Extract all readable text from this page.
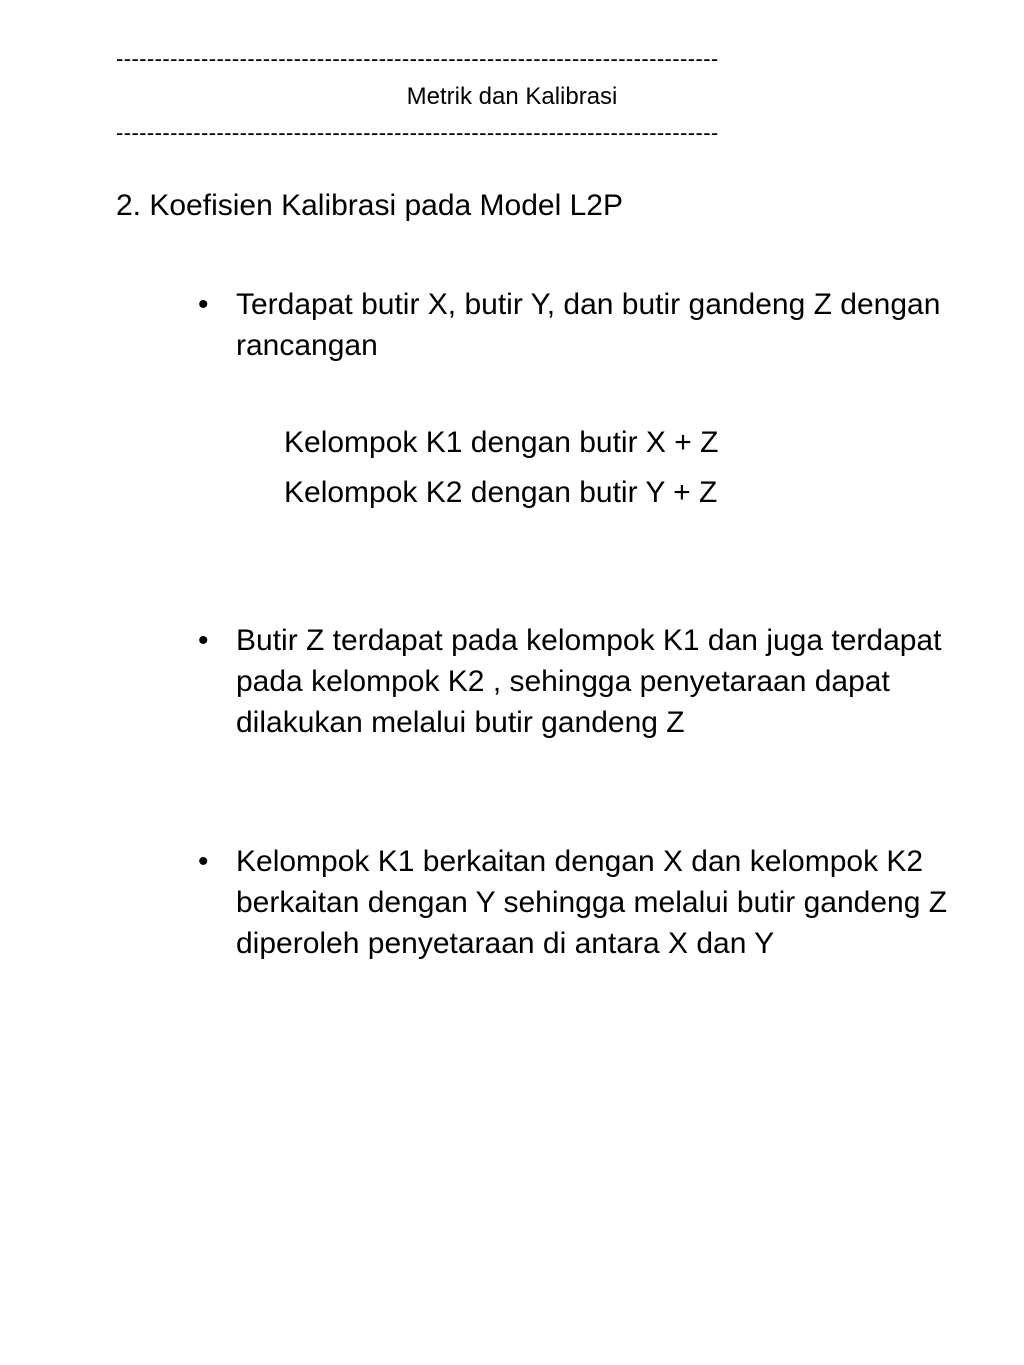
------------------------------------------------------------------------------
Metrik dan Kalibrasi
------------------------------------------------------------------------------
2. Koefisien Kalibrasi pada Model L2P
• Terdapat butir X, butir Y, dan butir gandeng Z dengan rancangan
Kelompok K1 dengan butir X + Z
Kelompok K2 dengan butir Y + Z
• Butir Z terdapat pada kelompok K1 dan juga terdapat pada kelompok K2 , sehingga penyetaraan dapat dilakukan melalui butir gandeng Z
• Kelompok K1 berkaitan dengan X dan kelompok K2 berkaitan dengan Y sehingga melalui butir gandeng Z diperoleh penyetaraan di antara X dan Y
